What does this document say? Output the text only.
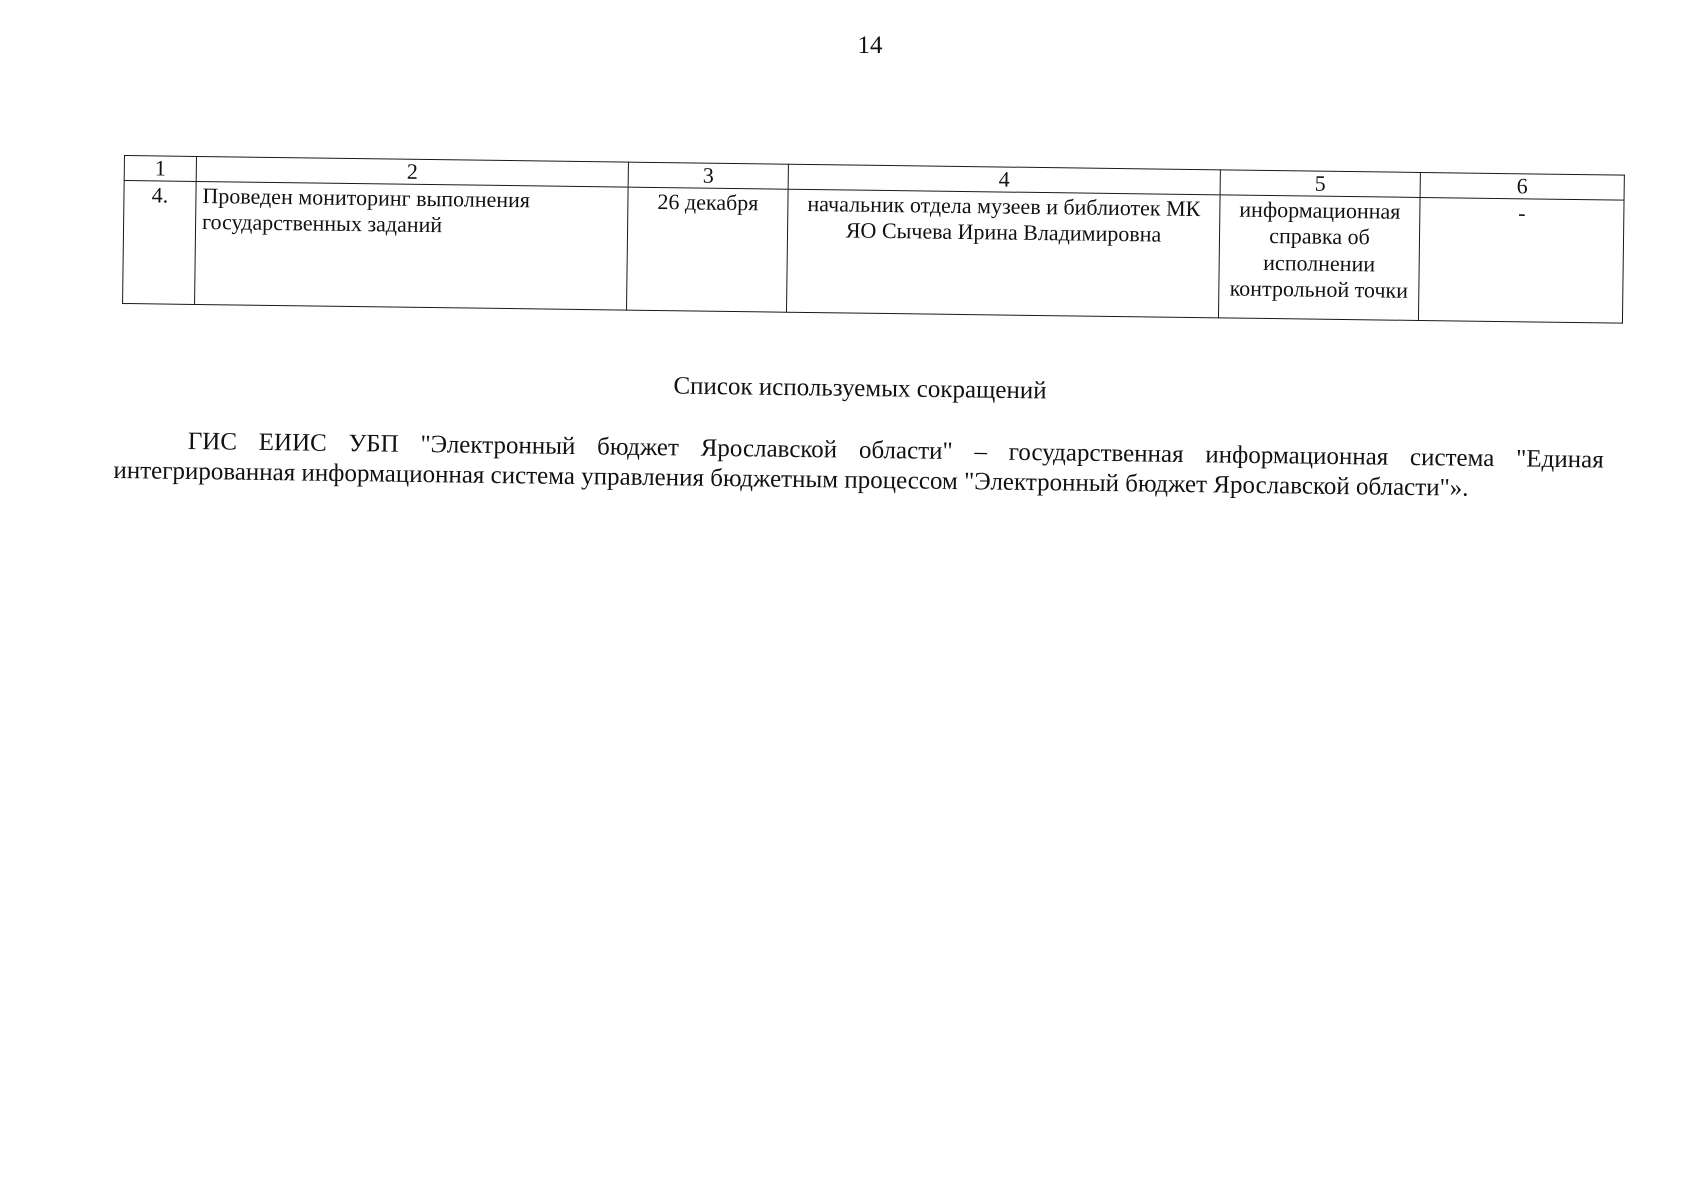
14
1	2	3	4	5	6
4.	Проведен мониторинг выполнения государственных заданий	26 декабря	начальник отдела музеев и библиотек МК ЯО Сычева Ирина Владимировна	информационная справка об исполнении контрольной точки	-
Список используемых сокращений
ГИС ЕИИС УБП "Электронный бюджет Ярославской области" – государственная информационная система "Единая интегрированная информационная система управления бюджетным процессом "Электронный бюджет Ярославской области"».
